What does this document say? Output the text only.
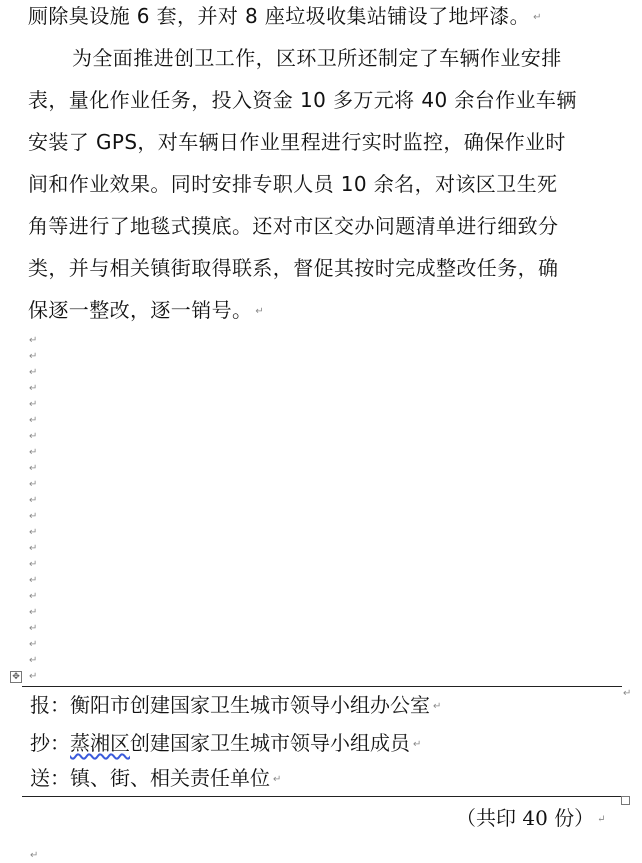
厕除臭设施 6 套，并对 8 座垃圾收集站铺设了地坪漆。 ↵
为全面推进创卫工作，区环卫所还制定了车辆作业安排
表，量化作业任务，投入资金 10 多万元将 40 余台作业车辆
安装了 GPS，对车辆日作业里程进行实时监控，确保作业时
间和作业效果。同时安排专职人员 10 余名，对该区卫生死
角等进行了地毯式摸底。还对市区交办问题清单进行细致分
类，并与相关镇街取得联系，督促其按时完成整改任务，确
保逐一整改，逐一销号。 ↵
↵
↵
↵
↵
↵
↵
↵
↵
↵
↵
↵
↵
↵
↵
↵
↵
↵
↵
↵
↵
↵
↵
✥
↵
报：衡阳市创建国家卫生城市领导小组办公室 ↵
抄：蒸湘区创建国家卫生城市领导小组成员 ↵
送：镇、街、相关责任单位 ↵
（共印 40 份） ↵
↵
